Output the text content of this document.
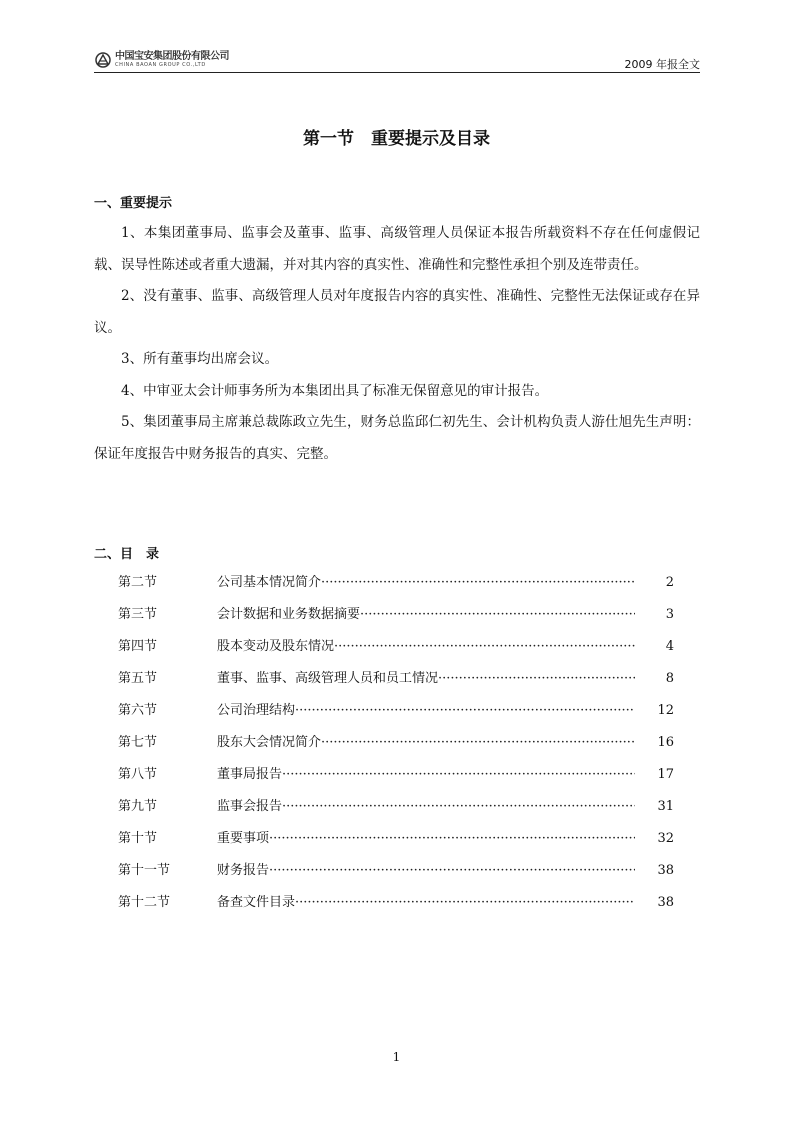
中国宝安集团股份有限公司
CHINA BAOAN GROUP CO.,LTD	2009 年报全文
第一节　重要提示及目录
一、重要提示

1、本集团董事局、监事会及董事、监事、高级管理人员保证本报告所载资料不存在任何虚假记载、误导性陈述或者重大遗漏，并对其内容的真实性、准确性和完整性承担个别及连带责任。

2、没有董事、监事、高级管理人员对年度报告内容的真实性、准确性、完整性无法保证或存在异议。

3、所有董事均出席会议。

4、中审亚太会计师事务所为本集团出具了标准无保留意见的审计报告。

5、集团董事局主席兼总裁陈政立先生，财务总监邱仁初先生、会计机构负责人游仕旭先生声明：保证年度报告中财务报告的真实、完整。

二、目　录
第二节	公司基本情况简介 ·····	2
第三节	会计数据和业务数据摘要 ·····	3
第四节	股本变动及股东情况 ·····	4
第五节	董事、监事、高级管理人员和员工情况 ·····	8
第六节	公司治理结构 ·····	12
第七节	股东大会情况简介 ·····	16
第八节	董事局报告 ·····	17
第九节	监事会报告 ·····	31
第十节	重要事项 ·····	32
第十一节	财务报告 ·····	38
第十二节	备查文件目录 ·····	38
1
